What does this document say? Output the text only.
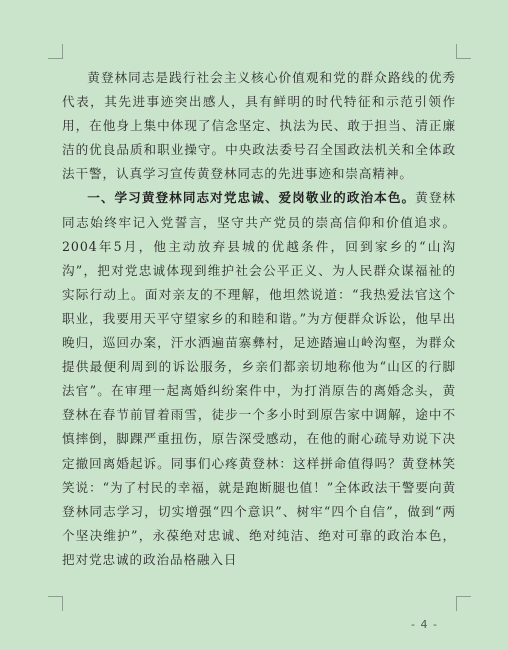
黄登林同志是践行社会主义核心价值观和党的群众路线的优秀代表，其先进事迹突出感人，具有鲜明的时代特征和示范引领作用，在他身上集中体现了信念坚定、执法为民、敢于担当、清正廉洁的优良品质和职业操守。中央政法委号召全国政法机关和全体政法干警，认真学习宣传黄登林同志的先进事迹和崇高精神。

一、学习黄登林同志对党忠诚、爱岗敬业的政治本色。黄登林同志始终牢记入党誓言，坚守共产党员的崇高信仰和价值追求。2004年5月，他主动放弃县城的优越条件，回到家乡的“山沟沟”，把对党忠诚体现到维护社会公平正义、为人民群众谋福祉的实际行动上。面对亲友的不理解，他坦然说道：“我热爱法官这个职业，我要用天平守望家乡的和睦和谐。”为方便群众诉讼，他早出晚归，巡回办案，汗水洒遍苗寨彝村，足迹踏遍山岭沟壑，为群众提供最便利周到的诉讼服务，乡亲们都亲切地称他为“山区的行脚法官”。在审理一起离婚纠纷案件中，为打消原告的离婚念头，黄登林在春节前冒着雨雪，徒步一个多小时到原告家中调解，途中不慎摔倒，脚踝严重扭伤，原告深受感动，在他的耐心疏导劝说下决定撤回离婚起诉。同事们心疼黄登林：这样拼命值得吗？黄登林笑笑说：“为了村民的幸福，就是跑断腿也值！”全体政法干警要向黄登林同志学习，切实增强“四个意识”、树牢“四个自信”，做到“两个坚决维护”，永葆绝对忠诚、绝对纯洁、绝对可靠的政治本色，把对党忠诚的政治品格融入日

- 4 -
